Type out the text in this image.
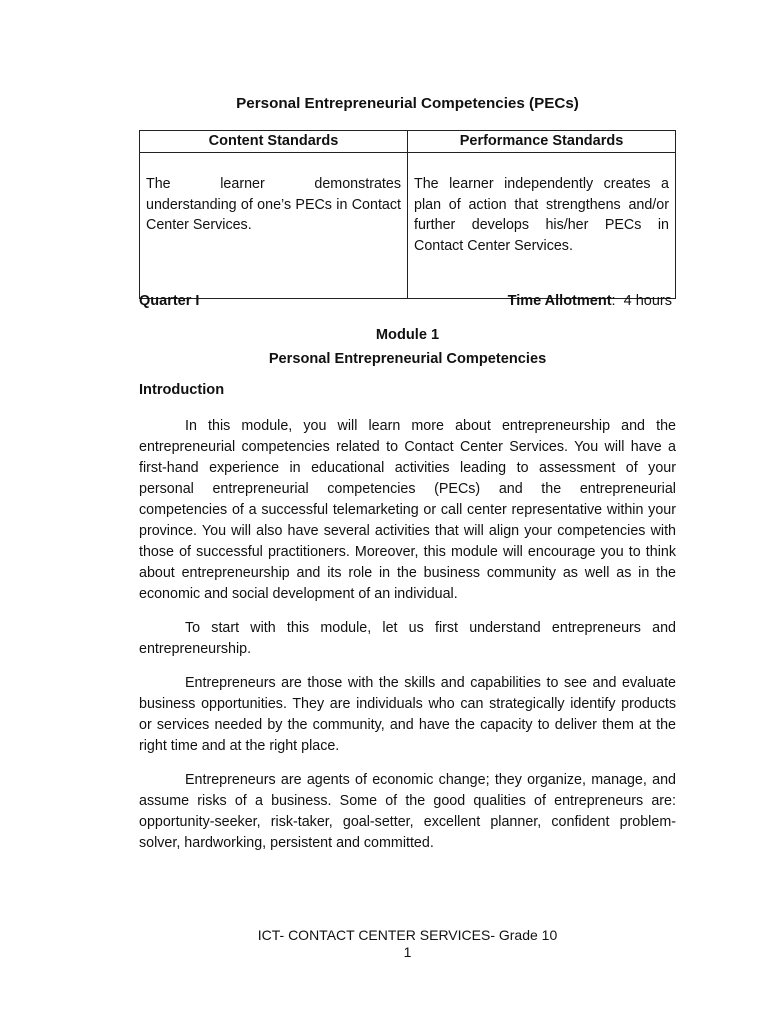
Personal Entrepreneurial Competencies (PECs)
Content Standards	Performance Standards
The learner demonstrates understanding of one’s PECs in Contact Center Services.	The learner independently creates a plan of action that strengthens and/or further develops his/her PECs in Contact Center Services.
Quarter I	Time Allotment: 4 hours
Module 1
Personal Entrepreneurial Competencies
Introduction

In this module, you will learn more about entrepreneurship and the entrepreneurial competencies related to Contact Center Services. You will have a first-hand experience in educational activities leading to assessment of your personal entrepreneurial competencies (PECs) and the entrepreneurial competencies of a successful telemarketing or call center representative within your province. You will also have several activities that will align your competencies with those of successful practitioners. Moreover, this module will encourage you to think about entrepreneurship and its role in the business community as well as in the economic and social development of an individual.

To start with this module, let us first understand entrepreneurs and entrepreneurship.

Entrepreneurs are those with the skills and capabilities to see and evaluate business opportunities. They are individuals who can strategically identify products or services needed by the community, and have the capacity to deliver them at the right time and at the right place.

Entrepreneurs are agents of economic change; they organize, manage, and assume risks of a business. Some of the good qualities of entrepreneurs are: opportunity-seeker, risk-taker, goal-setter, excellent planner, confident problem-solver, hardworking, persistent and committed.

ICT- CONTACT CENTER SERVICES- Grade 10
1
